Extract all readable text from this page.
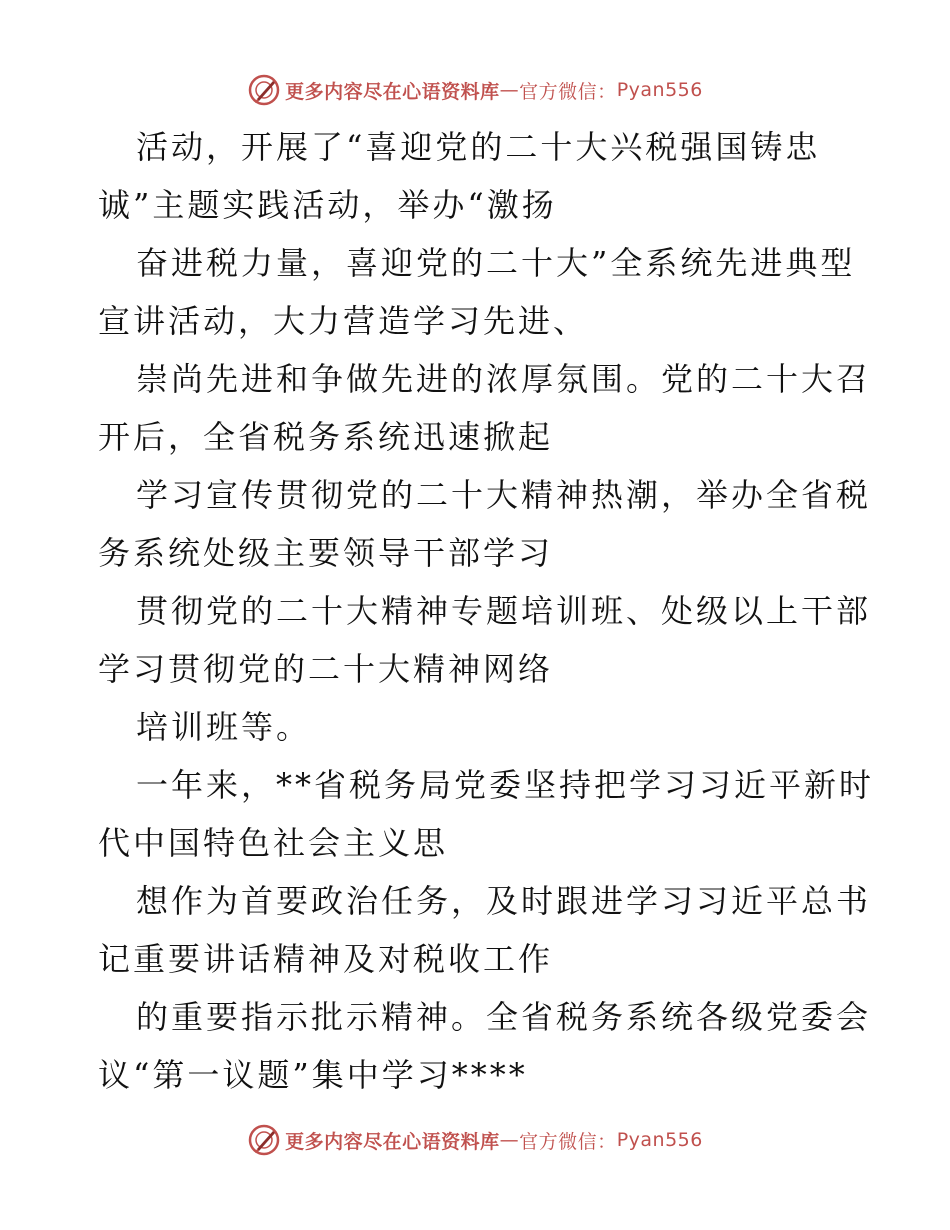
更多内容尽在心语资料库 — 官方微信： Pyan556
活动，开展了“喜迎党的二十大兴税强国铸忠
诚”主题实践活动，举办“激扬
奋进税力量，喜迎党的二十大”全系统先进典型
宣讲活动，大力营造学习先进、
崇尚先进和争做先进的浓厚氛围。党的二十大召
开后，全省税务系统迅速掀起
学习宣传贯彻党的二十大精神热潮，举办全省税
务系统处级主要领导干部学习
贯彻党的二十大精神专题培训班、处级以上干部
学习贯彻党的二十大精神网络
培训班等。
一年来，**省税务局党委坚持把学习习近平新时
代中国特色社会主义思
想作为首要政治任务，及时跟进学习习近平总书
记重要讲话精神及对税收工作
的重要指示批示精神。全省税务系统各级党委会
议“第一议题”集中学习****
更多内容尽在心语资料库 — 官方微信： Pyan556
